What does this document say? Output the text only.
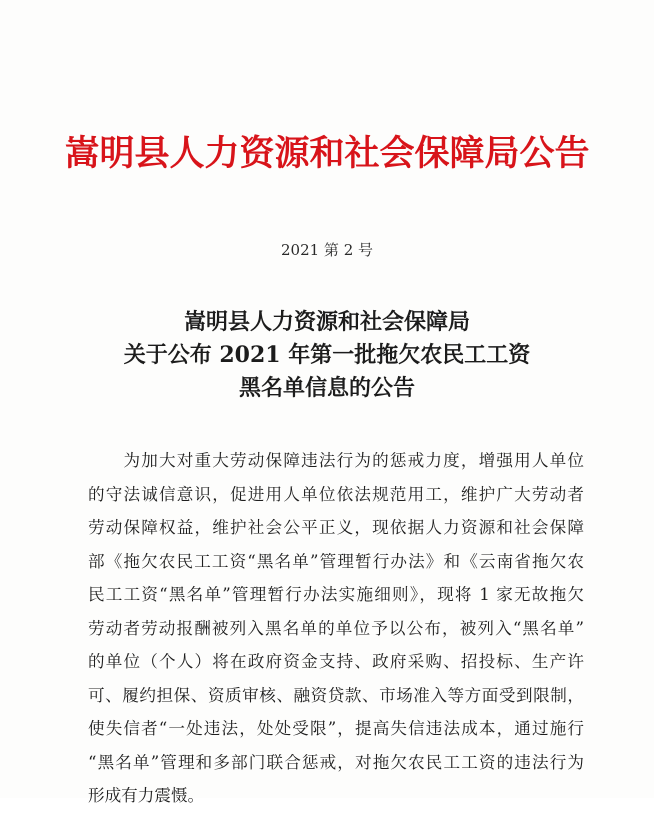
嵩明县人力资源和社会保障局公告
2021 第 2 号
嵩明县人力资源和社会保障局
关于公布 2021 年第一批拖欠农民工工资
黑名单信息的公告
　　为加大对重大劳动保障违法行为的惩戒力度，增强用人单位
的守法诚信意识，促进用人单位依法规范用工，维护广大劳动者
劳动保障权益，维护社会公平正义，现依据人力资源和社会保障
部《拖欠农民工工资“黑名单”管理暂行办法》和《云南省拖欠农
民工工资“黑名单”管理暂行办法实施细则》，现将 1 家无故拖欠
劳动者劳动报酬被列入黑名单的单位予以公布，被列入“黑名单”
的单位（个人）将在政府资金支持、政府采购、招投标、生产许
可、履约担保、资质审核、融资贷款、市场准入等方面受到限制，
使失信者“一处违法，处处受限”，提高失信违法成本，通过施行
“黑名单”管理和多部门联合惩戒，对拖欠农民工工资的违法行为
形成有力震慑。
